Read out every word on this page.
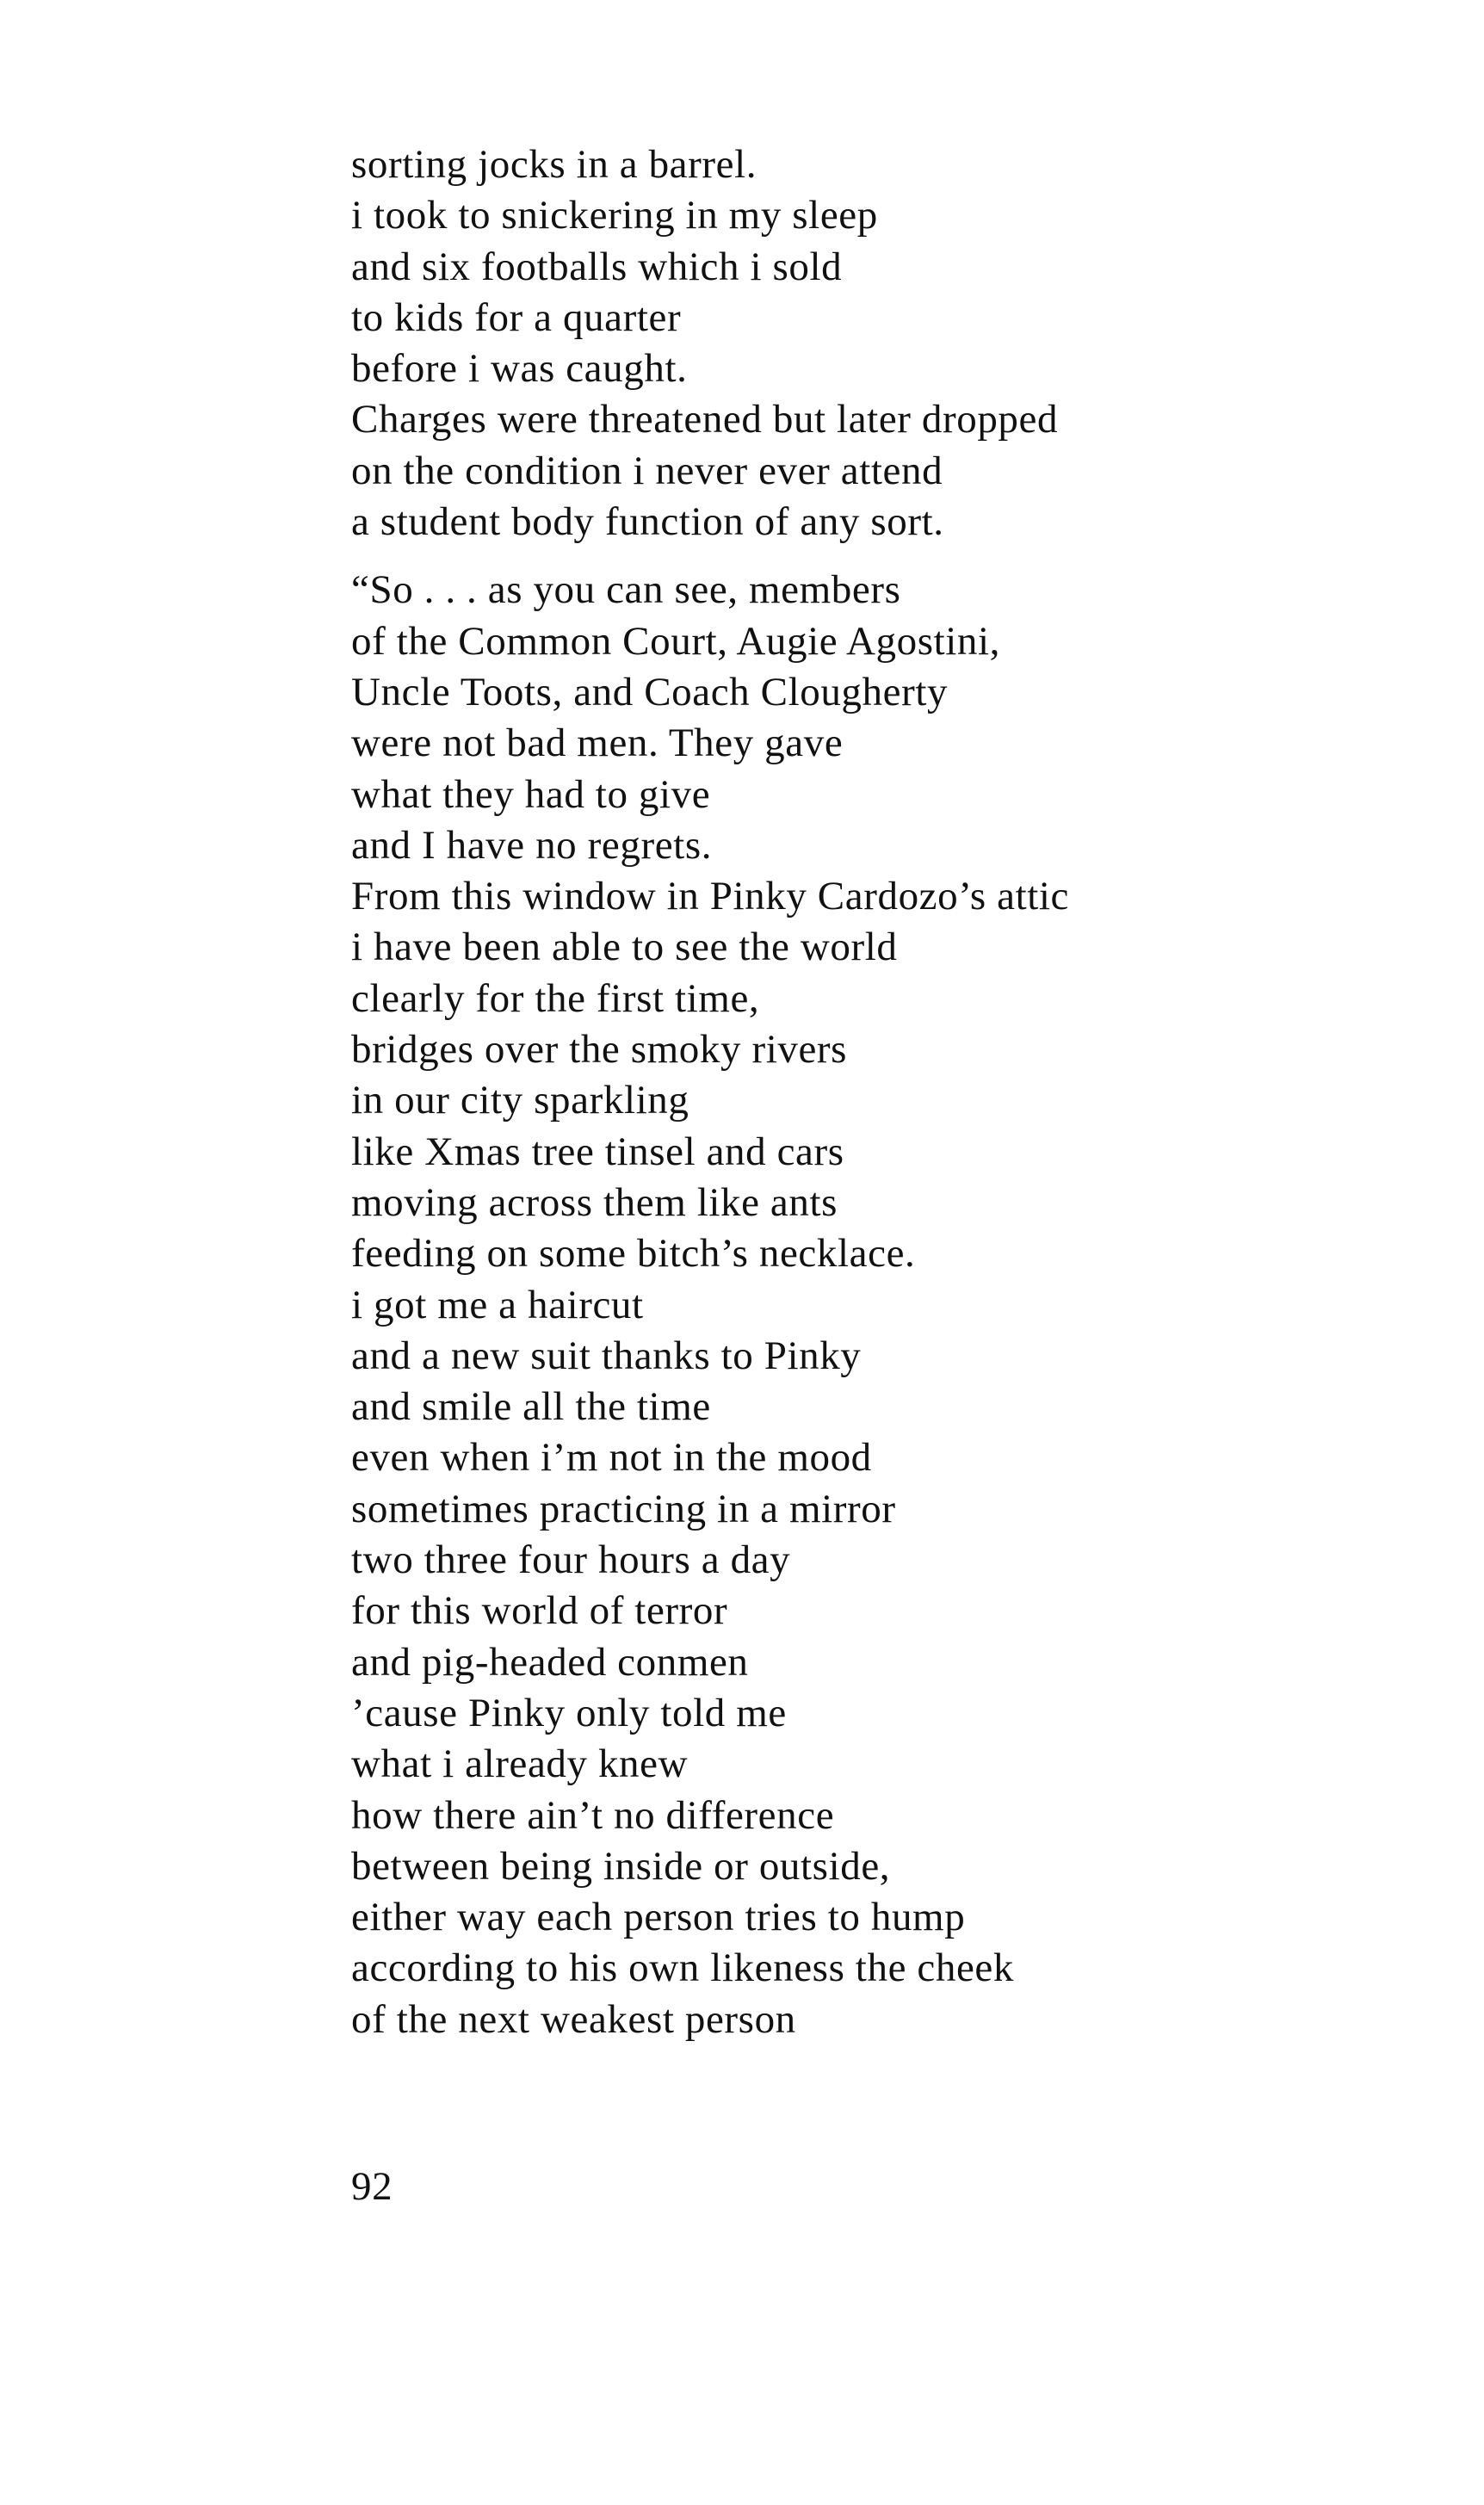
sorting jocks in a barrel.
i took to snickering in my sleep
and six footballs which i sold
to kids for a quarter
before i was caught.
Charges were threatened but later dropped
on the condition i never ever attend
a student body function of any sort.
“So . . . as you can see, members
of the Common Court, Augie Agostini,
Uncle Toots, and Coach Clougherty
were not bad men. They gave
what they had to give
and I have no regrets.
From this window in Pinky Cardozo’s attic
i have been able to see the world
clearly for the first time,
bridges over the smoky rivers
in our city sparkling
like Xmas tree tinsel and cars
moving across them like ants
feeding on some bitch’s necklace.
i got me a haircut
and a new suit thanks to Pinky
and smile all the time
even when i’m not in the mood
sometimes practicing in a mirror
two three four hours a day
for this world of terror
and pig-headed conmen
’cause Pinky only told me
what i already knew
how there ain’t no difference
between being inside or outside,
either way each person tries to hump
according to his own likeness the cheek
of the next weakest person
92
